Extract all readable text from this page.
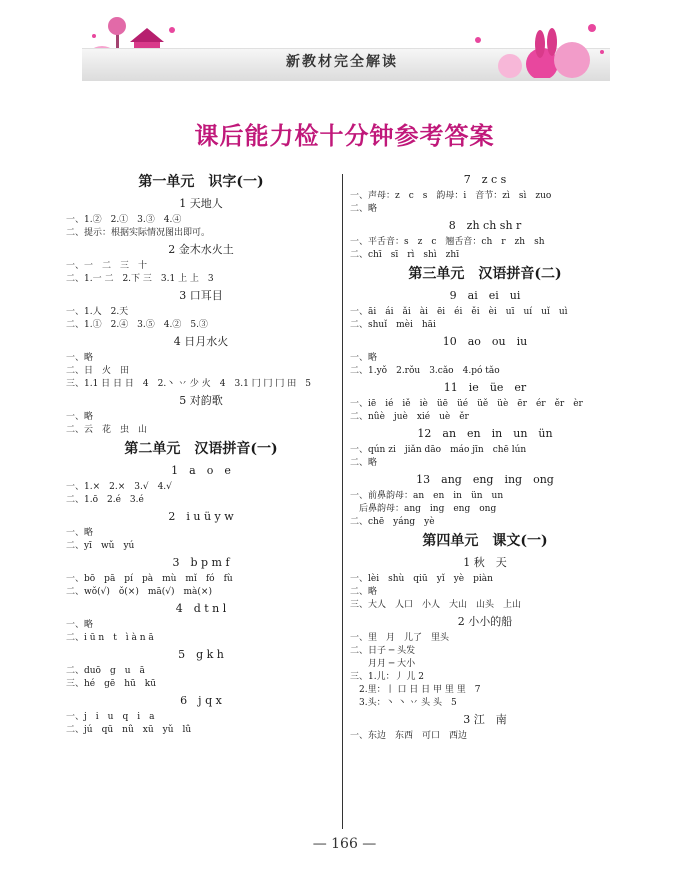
新教材完全解读
课后能力检十分钟参考答案
第一单元　识字(一)
1 天地人
一、1.②　2.①　3.③　4.④
二、提示：根据实际情况图出即可。
2 金木水火土
一、一　二　三　十
二、1.一 二　2.下 三　3.1 上 上　3
3 口耳目
一、1.人　2.天
二、1.①　2.④　3.⑤　4.②　5.③
4 日月水火
一、略
二、日　火　田
三、1.1 日 日 日　4　2.丶 丷 少 火　4　3.1 冂 冂 冂 田　5
5 对韵歌
一、略
二、云　花　虫　山
第二单元　汉语拼音(一)
1　a　o　e
一、1.×　2.×　3.√　4.√
二、1.ō　2.é　3.é
2　i u ü y w
一、略
二、yī　wǔ　yú
3　b p m f
一、bō　pā　pí　pà　mù　mǐ　fó　fù
二、wǒ(√)　ǒ(×)　mā(√)　mà(×)
4　d t n l
一、略
二、i ū n　t　ì à n ā
5　g k h
二、duō　g　u　ā
三、hé　gē　hū　kū
6　j q x
一、j　i　u　q　i　a
二、jú　qū　nǚ　xū　yǔ　lǚ
7　z c s
一、声母：z　c　s　韵母：i　音节：zì　sì　zuo
二、略
8　zh ch sh r
一、平舌音：s　z　c　翘舌音：ch　r　zh　sh
二、chī　sī　rì　shì　zhī
第三单元　汉语拼音(二)
9　ai　ei　ui
一、āi　ái　ǎi　ài　ēi　éi　ěi　èi　uī　uí　uǐ　uì
二、shuǐ　mèi　hāi
10　ao　ou　iu
一、略
二、1.yǒ　2.rǒu　3.cǎo　4.pó tǎo
11　ie　üe　er
一、iē　ié　iě　iè　üē　üé　üě　üè　ēr　ér　ěr　èr
二、nǚè　juè　xié　uè　ěr
12　an　en　in　un　ün
一、qún zi　jiǎn dāo　máo jīn　chē lún
二、略
13　ang　eng　ing　ong
一、前鼻韵母：an　en　in　ün　un
　后鼻韵母：ang　ing　eng　ong
二、chē　yáng　yè
第四单元　课文(一)
1 秋　天
一、lèi　shù　qiū　yǐ　yè　piàn
二、略
三、大人　人口　小人　大山　山头　上山
2 小小的船
一、里　月　儿了　里头
二、日子 ─ 头发
　　月月 ─ 大小
三、1.儿：丿 儿 2
　2.里：丨 口 日 日 甲 里 里　7
　3.头：丶 丶 丷 头 头　5
3 江　南
一、东边　东西　可口　西边
— 166 —
